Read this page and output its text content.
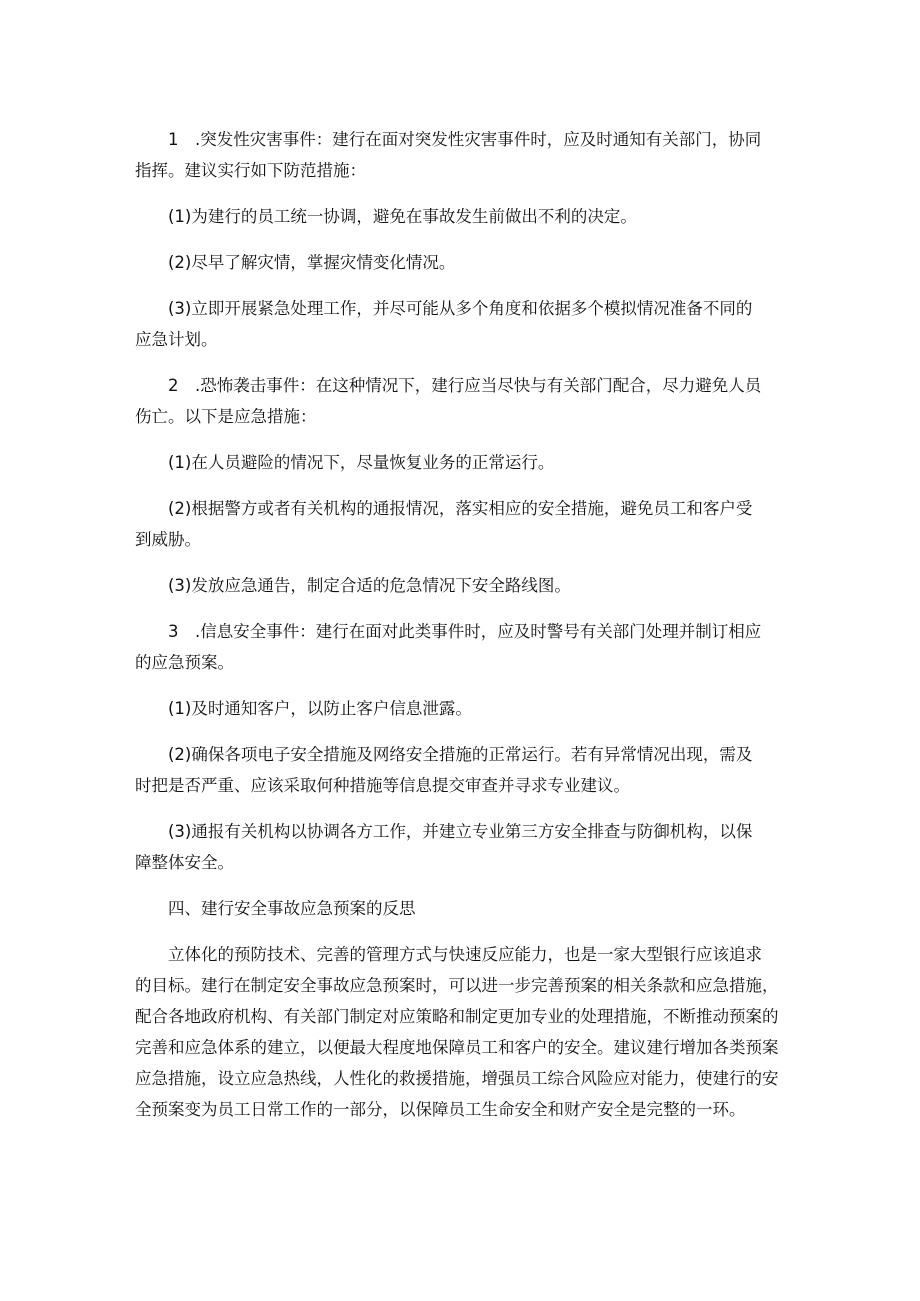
1　.突发性灾害事件：建行在面对突发性灾害事件时，应及时通知有关部门，协同
指挥。建议实行如下防范措施：

(1)为建行的员工统一协调，避免在事故发生前做出不利的决定。

(2)尽早了解灾情，掌握灾情变化情况。

(3)立即开展紧急处理工作，并尽可能从多个角度和依据多个模拟情况准备不同的
应急计划。

2　.恐怖袭击事件：在这种情况下，建行应当尽快与有关部门配合，尽力避免人员
伤亡。以下是应急措施：

(1)在人员避险的情况下，尽量恢复业务的正常运行。

(2)根据警方或者有关机构的通报情况，落实相应的安全措施，避免员工和客户受
到威胁。

(3)发放应急通告，制定合适的危急情况下安全路线图。

3　.信息安全事件：建行在面对此类事件时，应及时警号有关部门处理并制订相应
的应急预案。

(1)及时通知客户，以防止客户信息泄露。

(2)确保各项电子安全措施及网络安全措施的正常运行。若有异常情况出现，需及
时把是否严重、应该采取何种措施等信息提交审查并寻求专业建议。

(3)通报有关机构以协调各方工作，并建立专业第三方安全排查与防御机构，以保
障整体安全。

四、建行安全事故应急预案的反思

立体化的预防技术、完善的管理方式与快速反应能力，也是一家大型银行应该追求
的目标。建行在制定安全事故应急预案时，可以进一步完善预案的相关条款和应急措施，
配合各地政府机构、有关部门制定对应策略和制定更加专业的处理措施，不断推动预案的
完善和应急体系的建立，以便最大程度地保障员工和客户的安全。建议建行增加各类预案
应急措施，设立应急热线，人性化的救援措施，增强员工综合风险应对能力，使建行的安
全预案变为员工日常工作的一部分，以保障员工生命安全和财产安全是完整的一环。
